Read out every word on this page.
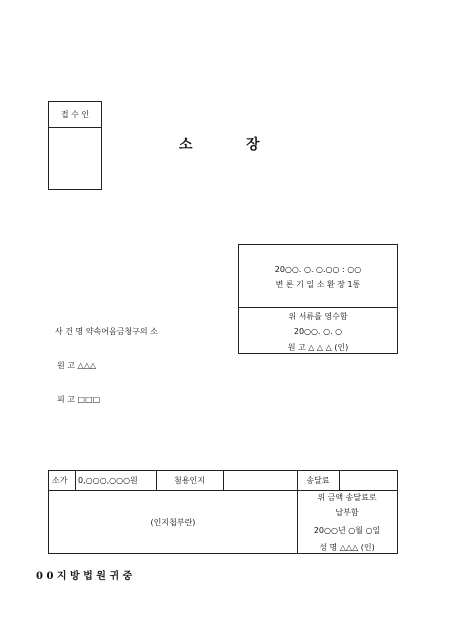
접 수 인
소	장
20○○. ○. ○.○○ : ○○
변 론 기 일 소 환 장 1통
위 서류를 영수함
20○○. ○. ○
원 고 △ △ △ (인)
사 건 명 약속어음금청구의 소
원 고 △△△
피 고 □□□
소가 0,○○○,○○○원	첨용인지	송달료
(인지첩부란)
위 금액 송달료로
납부함
20○○년 ○월 ○일
성 명 △△△ (인)
0 0 지 방 법 원 귀 중
